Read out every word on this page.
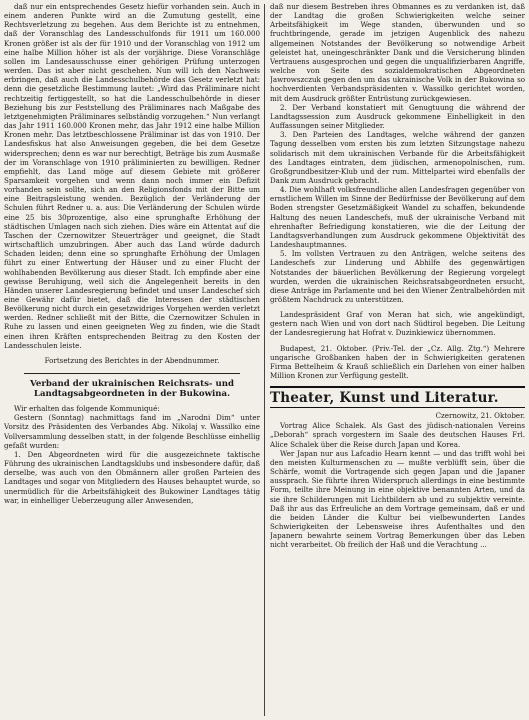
daß nur ein entsprechendes Gesetz hiefür vorhanden sein. Auch in einem anderen Punkte wird an die Zumutung gestellt, eine Rechtsverletzung zu begehen. Aus dem Berichte ist zu entnehmen, daß der Voranschlag des Landesschulfonds für 1911 um 160.000 Kronen größer ist als der für 1910 und der Voranschlag von 1912 um eine halbe Million höher ist als der vorjährige. Diese Voranschläge sollen im Landesausschusse einer gehörigen Prüfung unterzogen werden. Das ist aber nicht geschehen. Nun will ich den Nachweis erbringen, daß auch die Landesschulbehörde das Gesetz verletzt hat: denn die gesetzliche Bestimmung lautet: „Wird das Präliminare nicht rechtzeitig fertiggestellt, so hat die Landesschulbehörde in dieser Beziehung bis zur Feststellung des Präliminares nach Maßgabe des letztgenehmigten Präliminares selbständig vorzugehen.“ Nun verlangt das Jahr 1911 160.000 Kronen mehr, das Jahr 1912 eine halbe Million Kronen mehr. Das letztbeschlossene Präliminar ist das von 1910. Der Landesfiskus hat also Anweisungen gegeben, die bei dem Gesetze widersprechen; denn es war nur berechtigt, Beträge bis zum Ausmaße der im Voranschlage von 1910 präliminierten zu bewilligen. Redner empfiehlt, das Land möge auf diesem Gebiete mit größerer Sparsamkeit vorgehen und wenn dann noch immer ein Defizit vorhanden sein sollte, sich an den Religionsfonds mit der Bitte um eine Beitragsleistung wenden. Bezüglich der Verländerung der Schulen führt Redner u. a. aus: Die Verländerung der Schulen würde eine 25 bis 30prozentige, also eine sprunghafte Erhöhung der städtischen Umlagen nach sich ziehen. Dies wäre ein Attentat auf die Taschen der Czernowitzer Steuerträger und geeignet, die Stadt wirtschaftlich umzubringen. Aber auch das Land würde dadurch Schaden leiden; denn eine so sprunghafte Erhöhung der Umlagen führt zu einer Entwertung der Häuser und zu einer Flucht der wohlhabenden Bevölkerung aus dieser Stadt. Ich empfinde aber eine gewisse Beruhigung, weil sich die Angelegenheit bereits in den Händen unserer Landesregierung befindet und unser Landeschef sich eine Gewähr dafür bietet, daß die Interessen der städtischen Bevölkerung nicht durch ein gesetzwidriges Vorgehen werden verletzt werden. Redner schließt mit der Bitte, die Czernowitzer Schulen in Ruhe zu lassen und einen geeigneten Weg zu finden, wie die Stadt einen ihren Kräften entsprechenden Beitrag zu den Kosten der Landesschulen leiste.

Fortsetzung des Berichtes in der Abendnummer.

Verband der ukrainischen Reichsrats- und Landtagsabgeordneten in der Bukowina.

Wir erhalten das folgende Kommuniqué:

Gestern (Sonntag) nachmittags fand im „Narodni Dim“ unter Vorsitz des Präsidenten des Verbandes Abg. Nikolaj v. Wassilko eine Vollversammlung desselben statt, in der folgende Beschlüsse einhellig gefaßt wurden:

1. Den Abgeordneten wird für die ausgezeichnete taktische Führung des ukrainischen Landtagsklubs und insbesondere dafür, daß derselbe, was auch von den Obmännern aller großen Parteien des Landtages und sogar von Mitgliedern des Hauses behauptet wurde, so unermüdlich für die Arbeitsfähigkeit des Bukowiner Landtages tätig war, in einhelliger Ueberzeugung aller Anwesenden,

daß nur diesem Bestreben ihres Obmannes es zu verdanken ist, daß der Landtag die großen Schwierigkeiten welche seiner Arbeitsfähigkeit im Wege standen, überwunden und so fruchtbringende, gerade im jetzigen Augenblick des nahezu allgemeinen Notstandes der Bevölkerung so notwendige Arbeit geleistet hat, uneingeschränkter Dank und die Versicherung blinden Vertrauens ausgesprochen und gegen die unqualifizierbaren Angriffe, welche von Seite des sozialdemokratischen Abgeordneten Jawrowszczuk gegen den um das ukrainische Volk in der Bukowina so hochverdienten Verbandspräsidenten v. Wassilko gerichtet worden, mit dem Ausdruck größter Entrüstung zurückgewiesen.

2. Der Verband konstatiert mit Genugtuung die während der Landtagssession zum Ausdruck gekommene Einhelligkeit in den Auffassungen seiner Mitglieder.

3. Den Parteien des Landtages, welche während der ganzen Tagung desselben vom ersten bis zum letzten Sitzungstage nahezu solidarisch mit dem ukrainischen Verbande für die Arbeitsfähigkeit des Landtages eintraten, dem jüdischen, armenopolnischen, rum. Großgrundbesitzer-Klub und der rum. Mittelpartei wird ebenfalls der Dank zum Ausdruck gebracht.

4. Die wohlhaft volksfreundliche allen Landesfragen gegenüber von ernstlichem Willen im Sinne der Bedürfnisse der Bevölkerung auf dem Boden strengster Gesetzmäßigkeit Wandel zu schaffen, bekundende Haltung des neuen Landeschefs, muß der ukrainische Verband mit ehrenhafter Befriedigung konstatieren, wie die der Leitung der Landtagsverhandlungen zum Ausdruck gekommene Objektivität des Landeshauptmannes.

5. Im vollsten Vertrauen zu den Anträgen, welche seitens des Landeschefs zur Linderung und Abhilfe des gegenwärtigen Notstandes der bäuerlichen Bevölkerung der Regierung vorgelegt wurden, werden die ukrainischen Reichsratsabgeordneten ersucht, diese Anträge im Parlamente und bei den Wiener Zentralbehörden mit größtem Nachdruck zu unterstützen.

Landespräsident Graf von Meran hat sich, wie angekündigt, gestern nach Wien und von dort nach Südtirol begeben. Die Leitung der Landesregierung hat Hofrat v. Duzinkiewicz übernommen.

Budapest, 21. Oktober. (Priv.-Tel. der „Cz. Allg. Ztg.“) Mehrere ungarische Großbanken haben der in Schwierigkeiten geratenen Firma Bettelheim & Krauß schließlich ein Darlehen von einer halben Million Kronen zur Verfügung gestellt.

Theater, Kunst und Literatur.
Czernowitz, 21. Oktober.

Vortrag Alice Schalek. Als Gast des jüdisch-nationalen Vereins „Deborah“ sprach vorgestern im Saale des deutschen Hauses Frl. Alice Schalek über die Reise durch Japan und Korea.

Wer Japan nur aus Lafcadio Hearn kennt — und das trifft wohl bei den meisten Kulturmenschen zu — mußte verblüfft sein, über die Schärfe, womit die Vortragende sich gegen Japan und die Japaner aussprach. Sie führte ihren Widerspruch allerdings in eine bestimmte Form, teilte ihre Meinung in eine objektive benannten Arten, und da sie ihre Schilderungen mit Lichtbildern ab und zu subjektiv vereinte. Daß ihr aus das Erfreuliche an dem Vortrage gemeinsam, daß er und die beiden Länder die Kultur bei vielbewunderten Landes Schwierigkeiten der Lebensweise ihres Aufenthaltes und den Japanern bewahrte seinem Vortrag Bemerkungen über das Leben nicht verarbeitet. Ob freilich der Haß und die Verachtung ...
